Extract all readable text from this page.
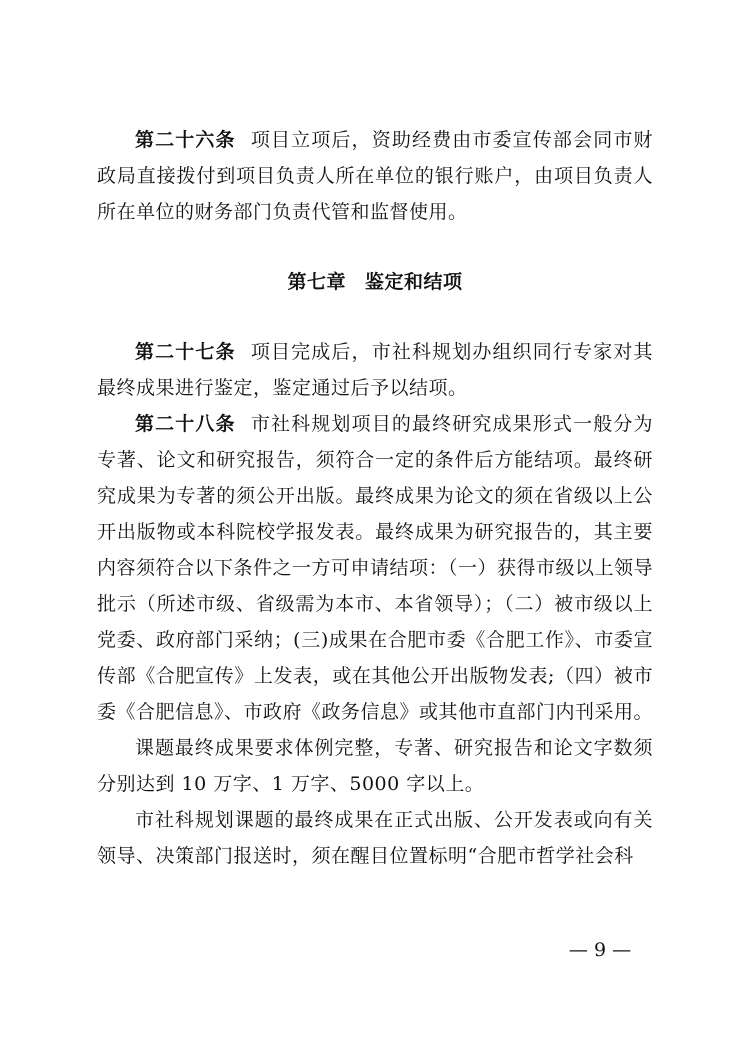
第二十六条 项目立项后，资助经费由市委宣传部会同市财政局直接拨付到项目负责人所在单位的银行账户，由项目负责人所在单位的财务部门负责代管和监督使用。

第七章 鉴定和结项

第二十七条 项目完成后，市社科规划办组织同行专家对其最终成果进行鉴定，鉴定通过后予以结项。

第二十八条 市社科规划项目的最终研究成果形式一般分为专著、论文和研究报告，须符合一定的条件后方能结项。最终研究成果为专著的须公开出版。最终成果为论文的须在省级以上公开出版物或本科院校学报发表。最终成果为研究报告的，其主要内容须符合以下条件之一方可申请结项：（一）获得市级以上领导批示（所述市级、省级需为本市、本省领导）；（二）被市级以上党委、政府部门采纳；(三)成果在合肥市委《合肥工作》、市委宣传部《合肥宣传》上发表，或在其他公开出版物发表;（四）被市委《合肥信息》、市政府《政务信息》或其他市直部门内刊采用。

课题最终成果要求体例完整，专著、研究报告和论文字数须分别达到 10 万字、1 万字、5000 字以上。

市社科规划课题的最终成果在正式出版、公开发表或向有关领导、决策部门报送时，须在醒目位置标明“合肥市哲学社会科

— 9 —
